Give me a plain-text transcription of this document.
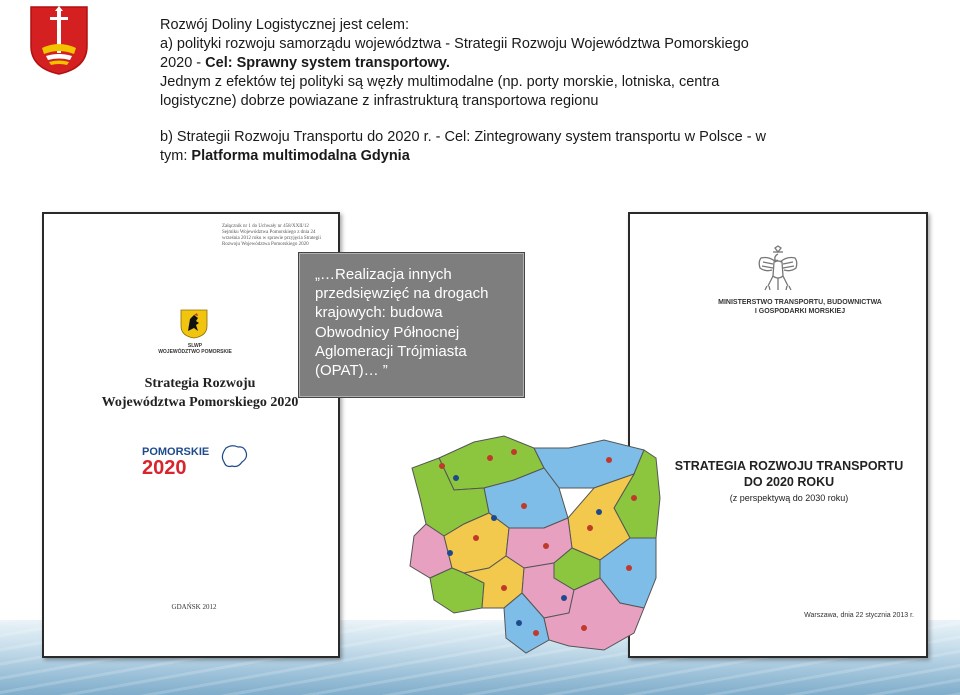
Rozwój Doliny Logistycznej jest celem:

a) polityki rozwoju samorządu województwa - Strategii Rozwoju Województwa Pomorskiego

2020 - Cel: Sprawny system transportowy.

Jednym z efektów tej polityki są węzły multimodalne (np. porty morskie, lotniska, centra

logistyczne) dobrze powiazane z infrastrukturą transportowa regionu

b) Strategii Rozwoju Transportu do 2020 r. - Cel: Zintegrowany system transportu w Polsce - w

tym: Platforma multimodalna Gdynia

Załącznik nr 1 do Uchwały nr 458/XXII/12 Sejmiku Województwa Pomorskiego z dnia 24 września 2012 roku w sprawie przyjęcia Strategii Rozwoju Województwa Pomorskiego 2020
SLWP
WOJEWÓDZTWO POMORSKIE
Strategia Rozwoju
Województwa Pomorskiego 2020
POMORSKIE
2020
GDAŃSK 2012
MINISTERSTWO TRANSPORTU, BUDOWNICTWA
I GOSPODARKI MORSKIEJ
STRATEGIA ROZWOJU TRANSPORTU
DO 2020 ROKU
(z perspektywą do 2030 roku)
Warszawa, dnia 22 stycznia 2013 r.
„…Realizacja innych przedsięwzięć na drogach krajowych: budowa Obwodnicy Północnej Aglomeracji Trójmiasta (OPAT)… ”
